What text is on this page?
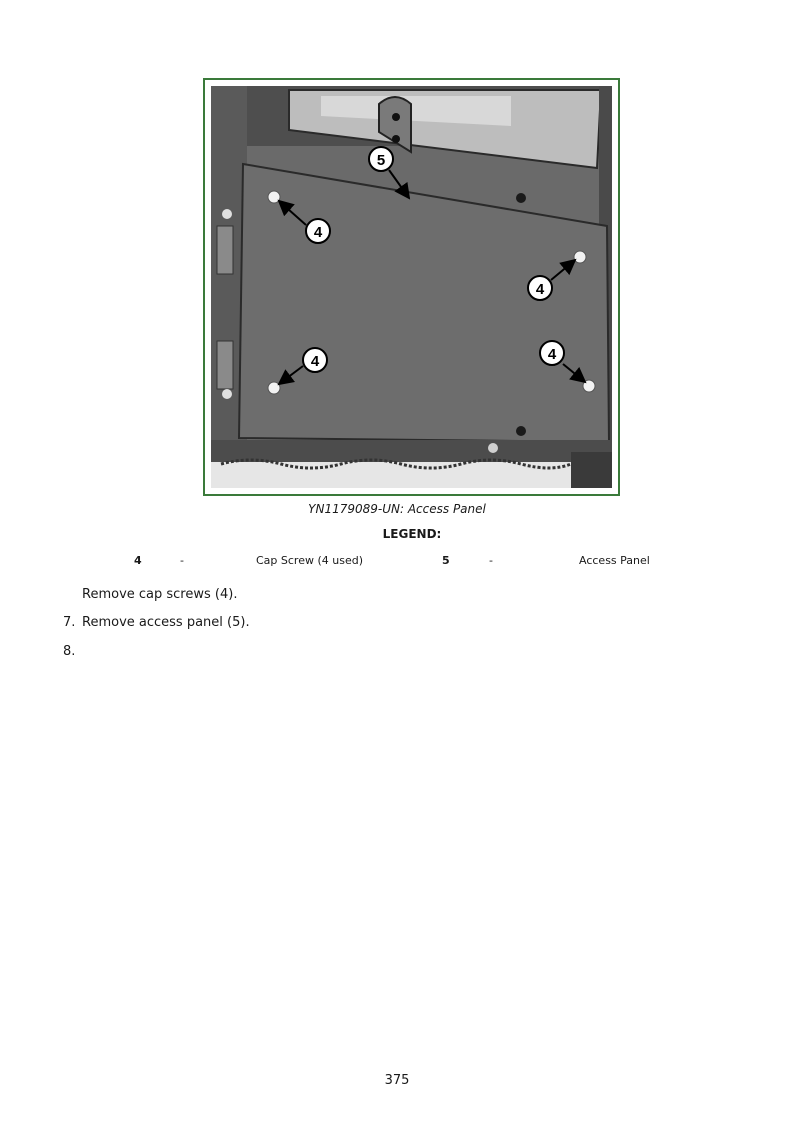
5
4
4
4	4
YN1179089-UN: Access Panel
LEGEND:
4	-	Cap Screw (4 used)	5	-	Access Panel
Remove cap screws (4).
7. Remove access panel (5).
8.
375
